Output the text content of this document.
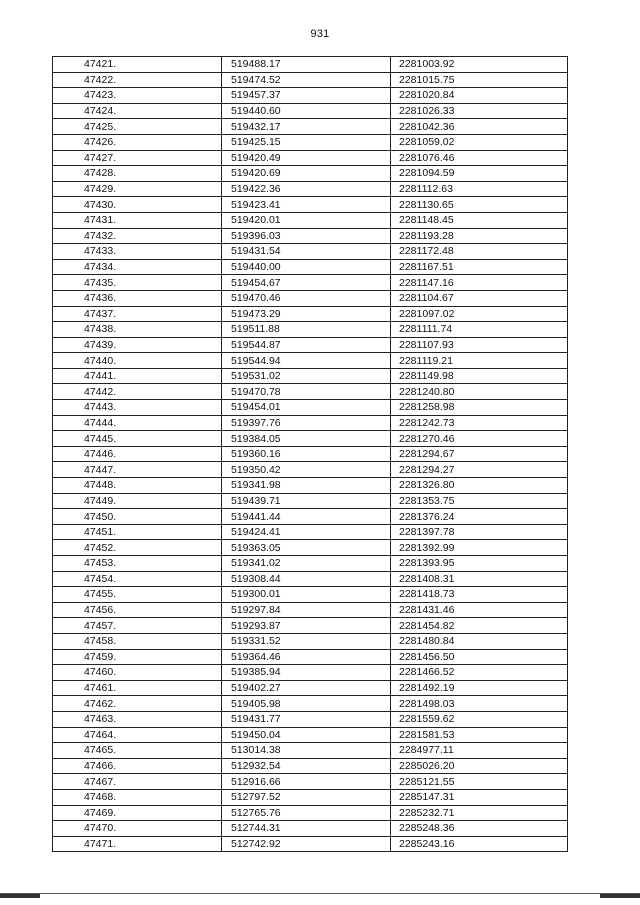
931
47421.	519488.17	2281003.92
47422.	519474.52	2281015.75
47423.	519457.37	2281020.84
47424.	519440.60	2281026.33
47425.	519432.17	2281042.36
47426.	519425.15	2281059.02
47427.	519420.49	2281076.46
47428.	519420.69	2281094.59
47429.	519422.36	2281112.63
47430.	519423.41	2281130.65
47431.	519420.01	2281148.45
47432.	519396.03	2281193.28
47433.	519431.54	2281172.48
47434.	519440.00	2281167.51
47435.	519454.67	2281147.16
47436.	519470.46	2281104.67
47437.	519473.29	2281097.02
47438.	519511.88	2281111.74
47439.	519544.87	2281107.93
47440.	519544.94	2281119.21
47441.	519531.02	2281149.98
47442.	519470.78	2281240.80
47443.	519454.01	2281258.98
47444.	519397.76	2281242.73
47445.	519384.05	2281270.46
47446.	519360.16	2281294.67
47447.	519350.42	2281294.27
47448.	519341.98	2281326.80
47449.	519439.71	2281353.75
47450.	519441.44	2281376.24
47451.	519424.41	2281397.78
47452.	519363.05	2281392.99
47453.	519341.02	2281393.95
47454.	519308.44	2281408.31
47455.	519300.01	2281418.73
47456.	519297.84	2281431.46
47457.	519293.87	2281454.82
47458.	519331.52	2281480.84
47459.	519364.46	2281456.50
47460.	519385.94	2281466.52
47461.	519402.27	2281492.19
47462.	519405.98	2281498.03
47463.	519431.77	2281559.62
47464.	519450.04	2281581.53
47465.	513014.38	2284977.11
47466.	512932.54	2285026.20
47467.	512916.66	2285121.55
47468.	512797.52	2285147.31
47469.	512765.76	2285232.71
47470.	512744.31	2285248.36
47471.	512742.92	2285243.16
